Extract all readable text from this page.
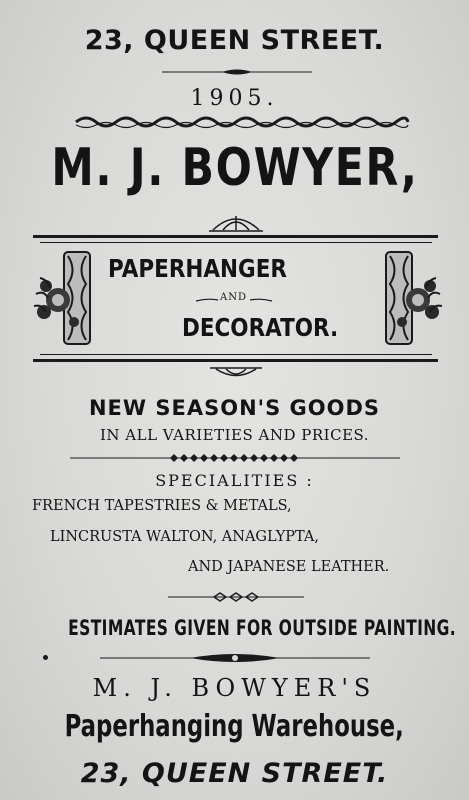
23, QUEEN STREET.
1905.
M. J. BOWYER,
PAPERHANGER
AND
DECORATOR.
NEW SEASON'S GOODS
IN ALL VARIETIES AND PRICES.
SPECIALITIES :
FRENCH TAPESTRIES & METALS,
LINCRUSTA WALTON, ANAGLYPTA,
AND JAPANESE LEATHER.
ESTIMATES GIVEN FOR OUTSIDE PAINTING.
M. J. BOWYER'S
Paperhanging Warehouse,
23, QUEEN STREET.
